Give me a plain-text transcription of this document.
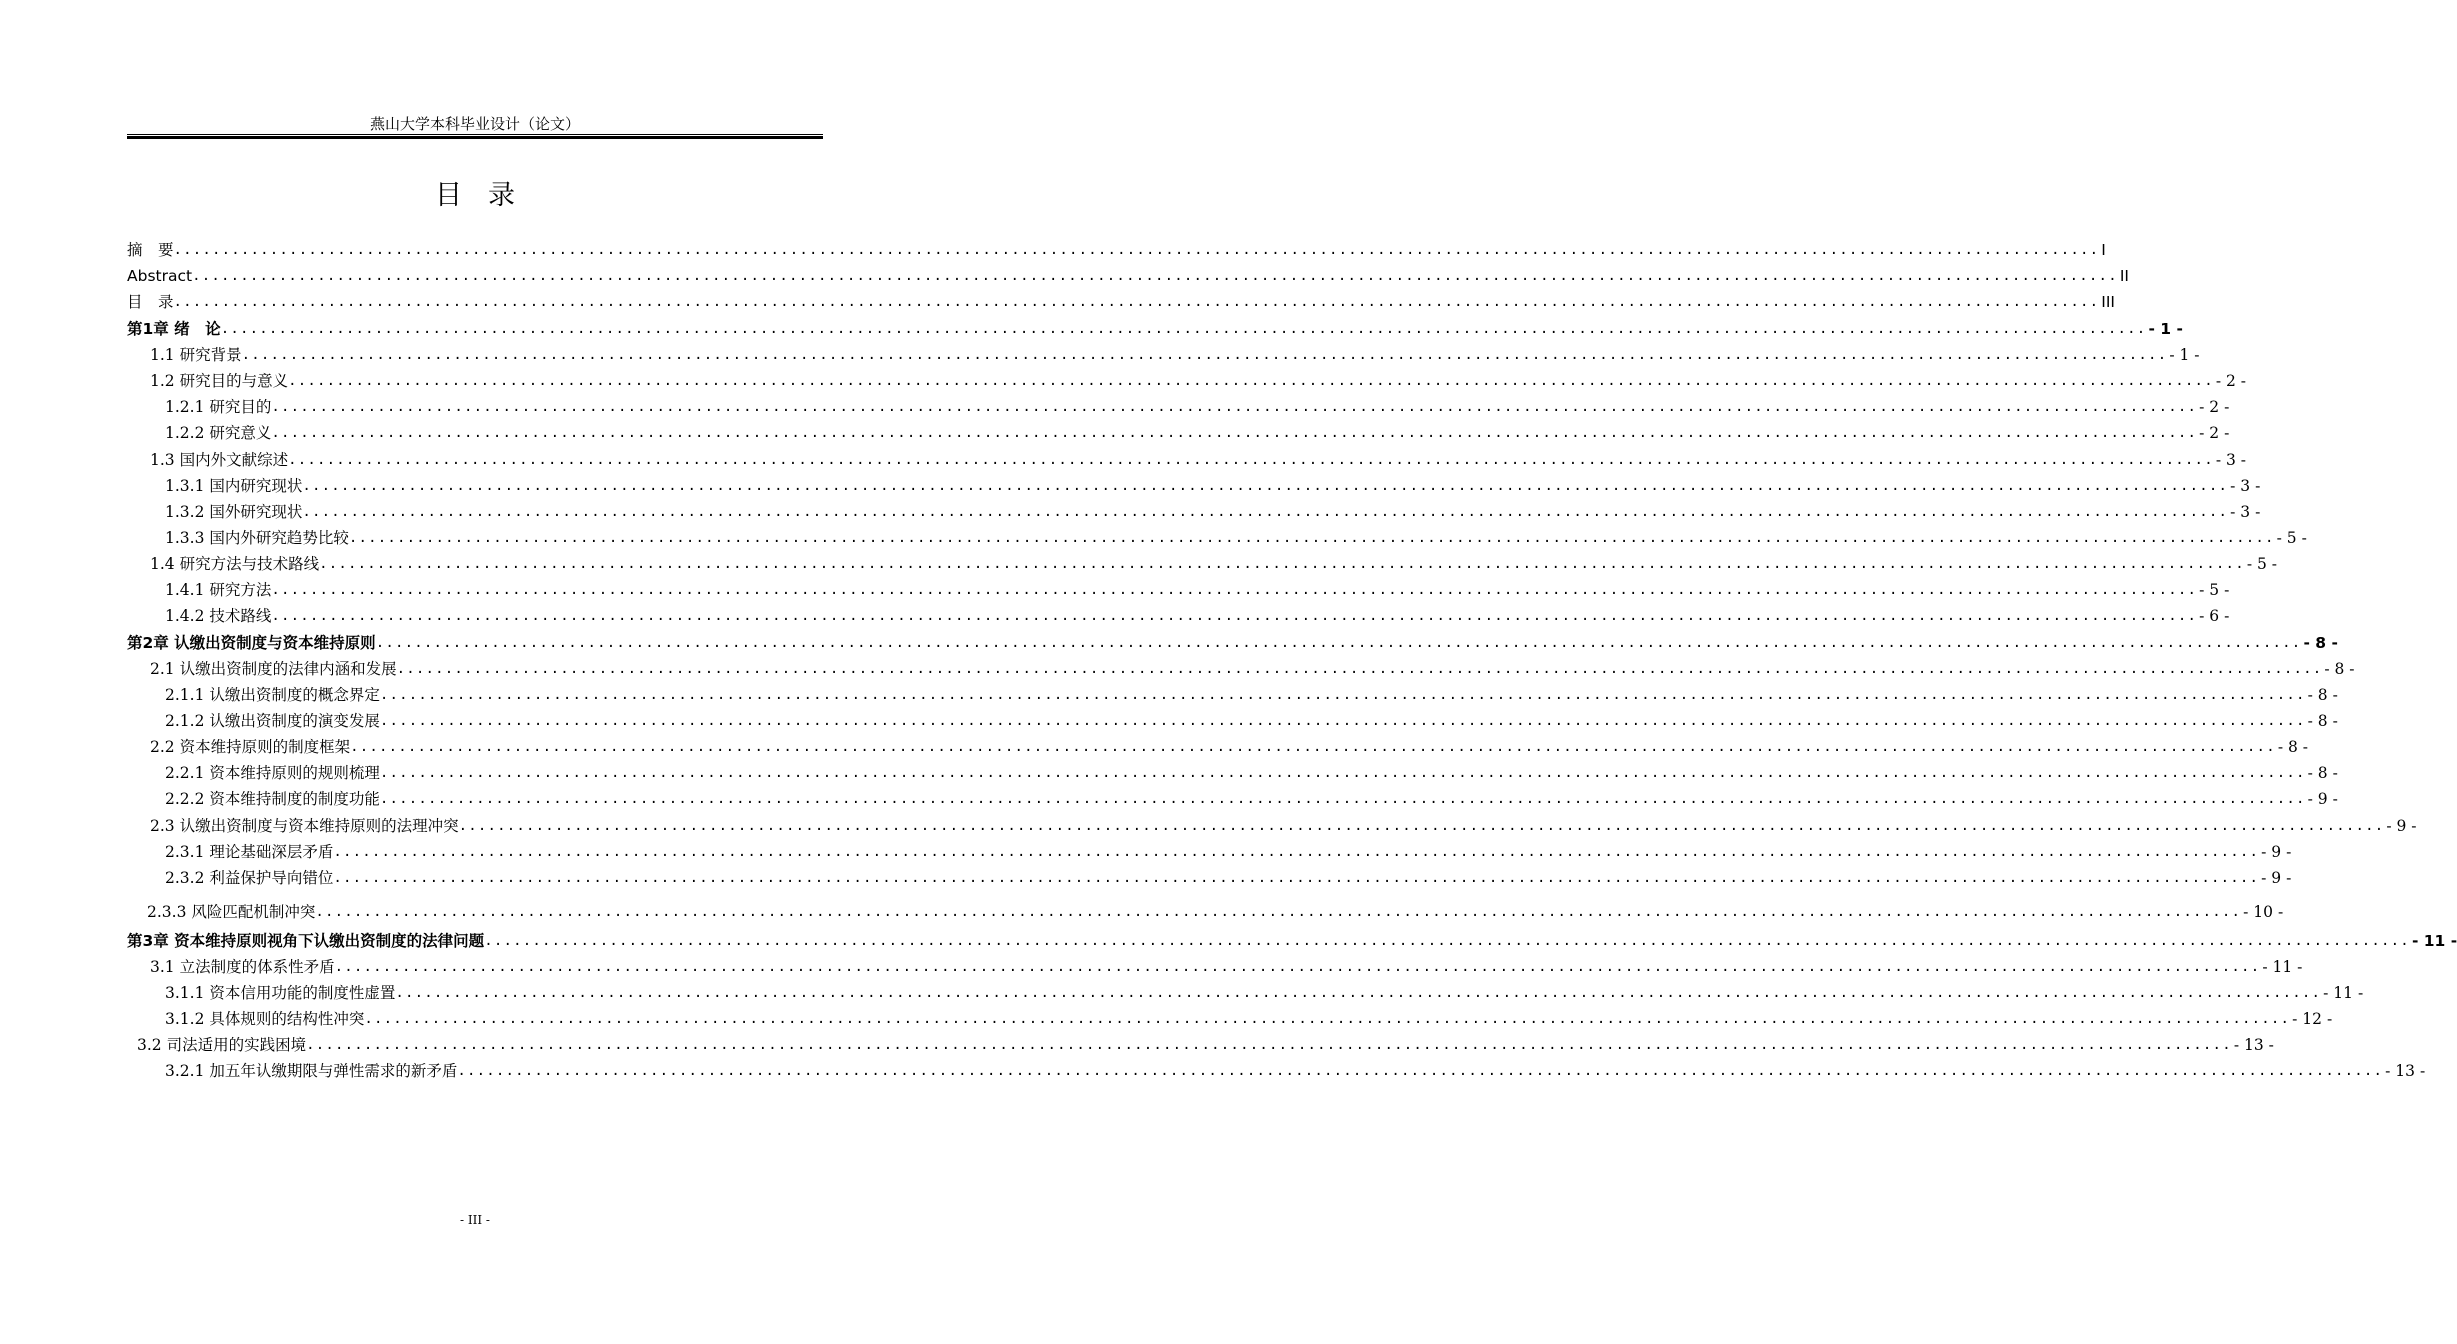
燕山大学本科毕业设计（论文）
目录
摘　要 ........................................................................................................................................................................................................ I
Abstract ........................................................................................................................................................................................................ II
目　录 ........................................................................................................................................................................................................ III
第1章 绪　论 ........................................................................................................................................................................................................ - 1 -
1.1 研究背景 ........................................................................................................................................................................................................ - 1 -
1.2 研究目的与意义 ........................................................................................................................................................................................................ - 2 -
1.2.1 研究目的 ........................................................................................................................................................................................................ - 2 -
1.2.2 研究意义 ........................................................................................................................................................................................................ - 2 -
1.3 国内外文献综述 ........................................................................................................................................................................................................ - 3 -
1.3.1 国内研究现状 ........................................................................................................................................................................................................ - 3 -
1.3.2 国外研究现状 ........................................................................................................................................................................................................ - 3 -
1.3.3 国内外研究趋势比较 ........................................................................................................................................................................................................ - 5 -
1.4 研究方法与技术路线 ........................................................................................................................................................................................................ - 5 -
1.4.1 研究方法 ........................................................................................................................................................................................................ - 5 -
1.4.2 技术路线 ........................................................................................................................................................................................................ - 6 -
第2章 认缴出资制度与资本维持原则 ........................................................................................................................................................................................................ - 8 -
2.1 认缴出资制度的法律内涵和发展 ........................................................................................................................................................................................................ - 8 -
2.1.1 认缴出资制度的概念界定 ........................................................................................................................................................................................................ - 8 -
2.1.2 认缴出资制度的演变发展 ........................................................................................................................................................................................................ - 8 -
2.2 资本维持原则的制度框架 ........................................................................................................................................................................................................ - 8 -
2.2.1 资本维持原则的规则梳理 ........................................................................................................................................................................................................ - 8 -
2.2.2 资本维持制度的制度功能 ........................................................................................................................................................................................................ - 9 -
2.3 认缴出资制度与资本维持原则的法理冲突 ........................................................................................................................................................................................................ - 9 -
2.3.1 理论基础深层矛盾 ........................................................................................................................................................................................................ - 9 -
2.3.2 利益保护导向错位 ........................................................................................................................................................................................................ - 9 -
2.3.3 风险匹配机制冲突 ........................................................................................................................................................................................................ - 10 -
第3章 资本维持原则视角下认缴出资制度的法律问题 ........................................................................................................................................................................................................ - 11 -
3.1 立法制度的体系性矛盾 ........................................................................................................................................................................................................ - 11 -
3.1.1 资本信用功能的制度性虚置 ........................................................................................................................................................................................................ - 11 -
3.1.2 具体规则的结构性冲突 ........................................................................................................................................................................................................ - 12 -
3.2 司法适用的实践困境 ........................................................................................................................................................................................................ - 13 -
3.2.1 加五年认缴期限与弹性需求的新矛盾 ........................................................................................................................................................................................................ - 13 -
- III -
